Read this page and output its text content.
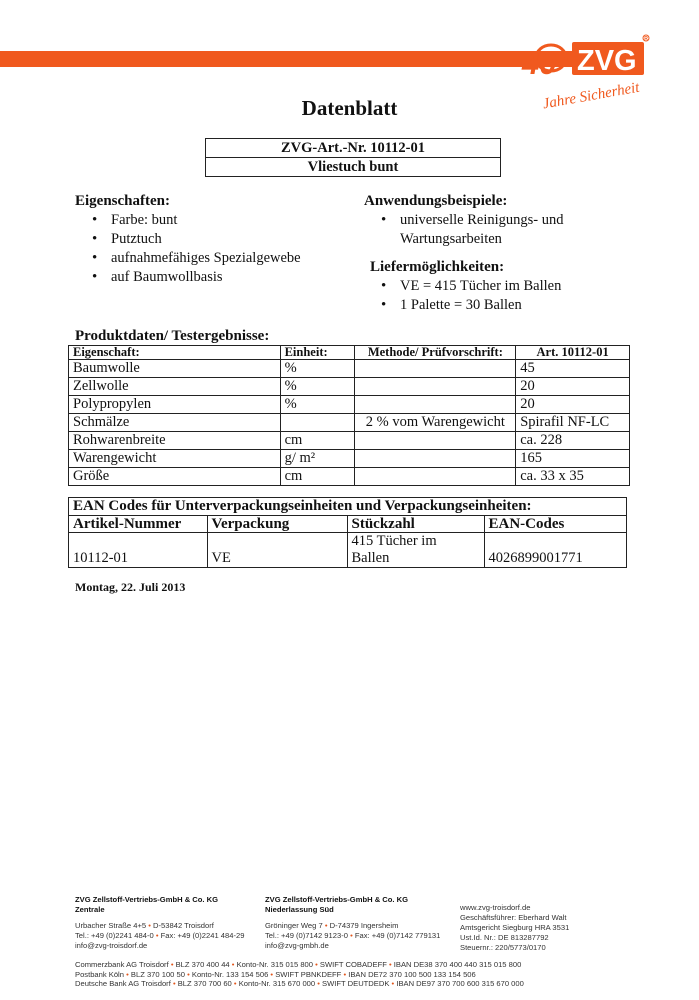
R
40 ZVG
Jahre Sicherheit
Datenblatt
ZVG-Art.-Nr. 10112-01
Vliestuch bunt
Eigenschaften:
• Farbe: bunt
• Putztuch
• aufnahmefähiges Spezialgewebe
• auf Baumwollbasis
Anwendungsbeispiele:
• universelle Reinigungs- und
Wartungsarbeiten
Liefermöglichkeiten:
• VE = 415 Tücher im Ballen
• 1 Palette = 30 Ballen
Produktdaten/ Testergebnisse:
Eigenschaft:	Einheit:	Methode/ Prüfvorschrift:	Art. 10112-01
Baumwolle	%		45
Zellwolle	%		20
Polypropylen	%		20
Schmälze		2 % vom Warengewicht	Spirafil NF-LC
Rohwarenbreite	cm		ca. 228
Warengewicht	g/ m²		165
Größe	cm		ca. 33 x 35
EAN Codes für Unterverpackungseinheiten und Verpackungseinheiten:
Artikel-Nummer	Verpackung	Stückzahl	EAN-Codes
10112-01	VE	415 Tücher im
Ballen	4026899001771
Montag, 22. Juli 2013
ZVG Zellstoff-Vertriebs-GmbH & Co. KG
Zentrale
Urbacher Straße 4+5 • D-53842 Troisdorf
Tel.: +49 (0)2241 484-0 • Fax: +49 (0)2241 484-29
info@zvg-troisdorf.de
ZVG Zellstoff-Vertriebs-GmbH & Co. KG
Niederlassung Süd
Gröninger Weg 7 • D-74379 Ingersheim
Tel.: +49 (0)7142 9123-0 • Fax: +49 (0)7142 779131
info@zvg-gmbh.de
www.zvg-troisdorf.de
Geschäftsführer: Eberhard Walt
Amtsgericht Siegburg HRA 3531
Ust.Id. Nr.: DE 813287792
Steuernr.: 220/5773/0170
Commerzbank AG Troisdorf • BLZ 370 400 44 • Konto-Nr. 315 015 800 • SWIFT COBADEFF • IBAN DE38 370 400 440 315 015 800
Postbank Köln • BLZ 370 100 50 • Konto-Nr. 133 154 506 • SWIFT PBNKDEFF • IBAN DE72 370 100 500 133 154 506
Deutsche Bank AG Troisdorf • BLZ 370 700 60 • Konto-Nr. 315 670 000 • SWIFT DEUTDEDK • IBAN DE97 370 700 600 315 670 000
